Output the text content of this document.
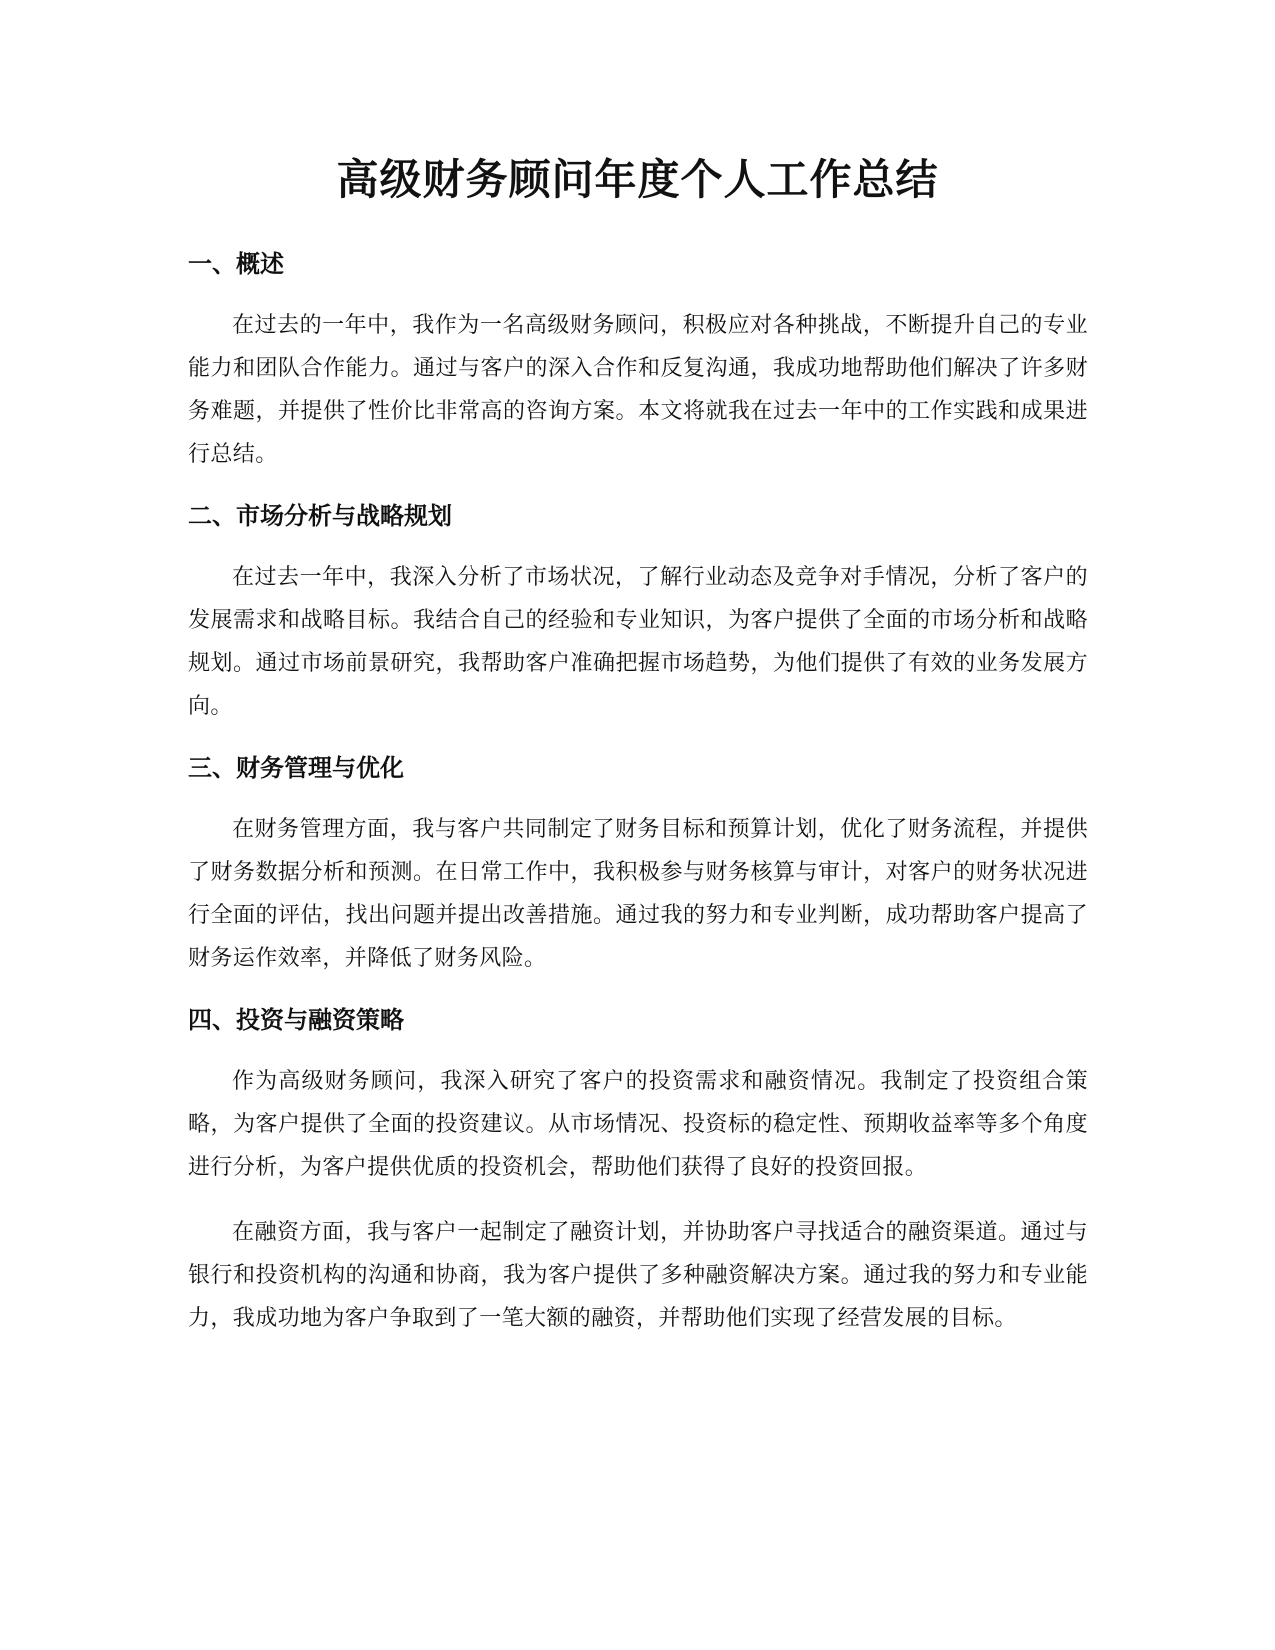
高级财务顾问年度个人工作总结
一、概述

在过去的一年中，我作为一名高级财务顾问，积极应对各种挑战，不断提升自己的专业能力和团队合作能力。通过与客户的深入合作和反复沟通，我成功地帮助他们解决了许多财务难题，并提供了性价比非常高的咨询方案。本文将就我在过去一年中的工作实践和成果进行总结。

二、市场分析与战略规划

在过去一年中，我深入分析了市场状况，了解行业动态及竞争对手情况，分析了客户的发展需求和战略目标。我结合自己的经验和专业知识，为客户提供了全面的市场分析和战略规划。通过市场前景研究，我帮助客户准确把握市场趋势，为他们提供了有效的业务发展方向。

三、财务管理与优化

在财务管理方面，我与客户共同制定了财务目标和预算计划，优化了财务流程，并提供了财务数据分析和预测。在日常工作中，我积极参与财务核算与审计，对客户的财务状况进行全面的评估，找出问题并提出改善措施。通过我的努力和专业判断，成功帮助客户提高了财务运作效率，并降低了财务风险。

四、投资与融资策略

作为高级财务顾问，我深入研究了客户的投资需求和融资情况。我制定了投资组合策略，为客户提供了全面的投资建议。从市场情况、投资标的稳定性、预期收益率等多个角度进行分析，为客户提供优质的投资机会，帮助他们获得了良好的投资回报。

在融资方面，我与客户一起制定了融资计划，并协助客户寻找适合的融资渠道。通过与银行和投资机构的沟通和协商，我为客户提供了多种融资解决方案。通过我的努力和专业能力，我成功地为客户争取到了一笔大额的融资，并帮助他们实现了经营发展的目标。
